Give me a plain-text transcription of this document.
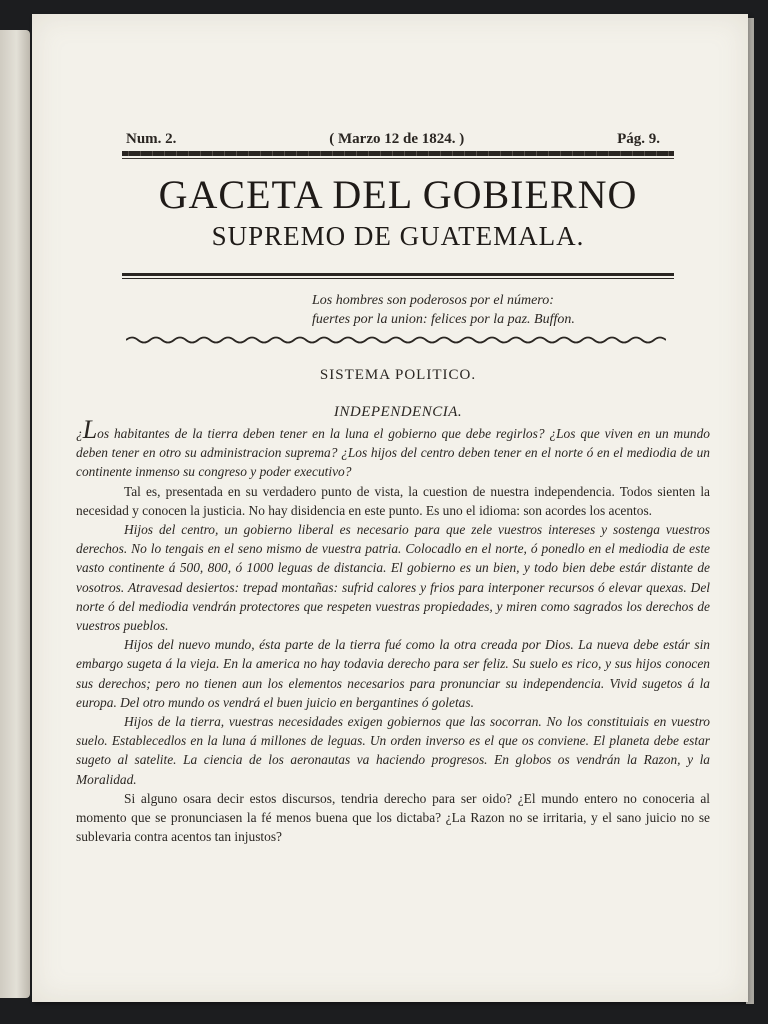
Num. 2.	( Marzo 12 de 1824. )	Pág. 9.
GACETA DEL GOBIERNO
SUPREMO DE GUATEMALA.
Los hombres son poderosos por el número:
fuertes por la union: felices por la paz. Buffon.
SISTEMA POLITICO.
INDEPENDENCIA.

¿Los habitantes de la tierra deben tener en la luna el gobierno que debe regirlos? ¿Los que viven en un mundo deben tener en otro su administracion suprema? ¿Los hijos del centro deben tener en el norte ó en el mediodia de un continente inmenso su congreso y poder executivo?

Tal es, presentada en su verdadero punto de vista, la cuestion de nuestra independencia. Todos sienten la necesidad y conocen la justicia. No hay disidencia en este punto. Es uno el idioma: son acordes los acentos.

Hijos del centro, un gobierno liberal es necesario para que zele vuestros intereses y sostenga vuestros derechos. No lo tengais en el seno mismo de vuestra patria. Colocadlo en el norte, ó ponedlo en el mediodia de este vasto continente á 500, 800, ó 1000 leguas de distancia. El gobierno es un bien, y todo bien debe estár distante de vosotros. Atravesad desiertos: trepad montañas: sufrid calores y frios para interponer recursos ó elevar quexas. Del norte ó del mediodia vendrán protectores que respeten vuestras propiedades, y miren como sagrados los derechos de vuestros pueblos.

Hijos del nuevo mundo, ésta parte de la tierra fué como la otra creada por Dios. La nueva debe estár sin embargo sugeta á la vieja. En la america no hay todavia derecho para ser feliz. Su suelo es rico, y sus hijos conocen sus derechos; pero no tienen aun los elementos necesarios para pronunciar su independencia. Vivid sugetos á la europa. Del otro mundo os vendrá el buen juicio en bergantines ó goletas.

Hijos de la tierra, vuestras necesidades exigen gobiernos que las socorran. No los constituiais en vuestro suelo. Establecedlos en la luna á millones de leguas. Un orden inverso es el que os conviene. El planeta debe estar sugeto al satelite. La ciencia de los aeronautas va haciendo progresos. En globos os vendrán la Razon, y la Moralidad.

Si alguno osara decir estos discursos, tendria derecho para ser oido? ¿El mundo entero no conoceria al momento que se pronunciasen la fé menos buena que los dictaba? ¿La Razon no se irritaria, y el sano juicio no se sublevaria contra acentos tan injustos?
